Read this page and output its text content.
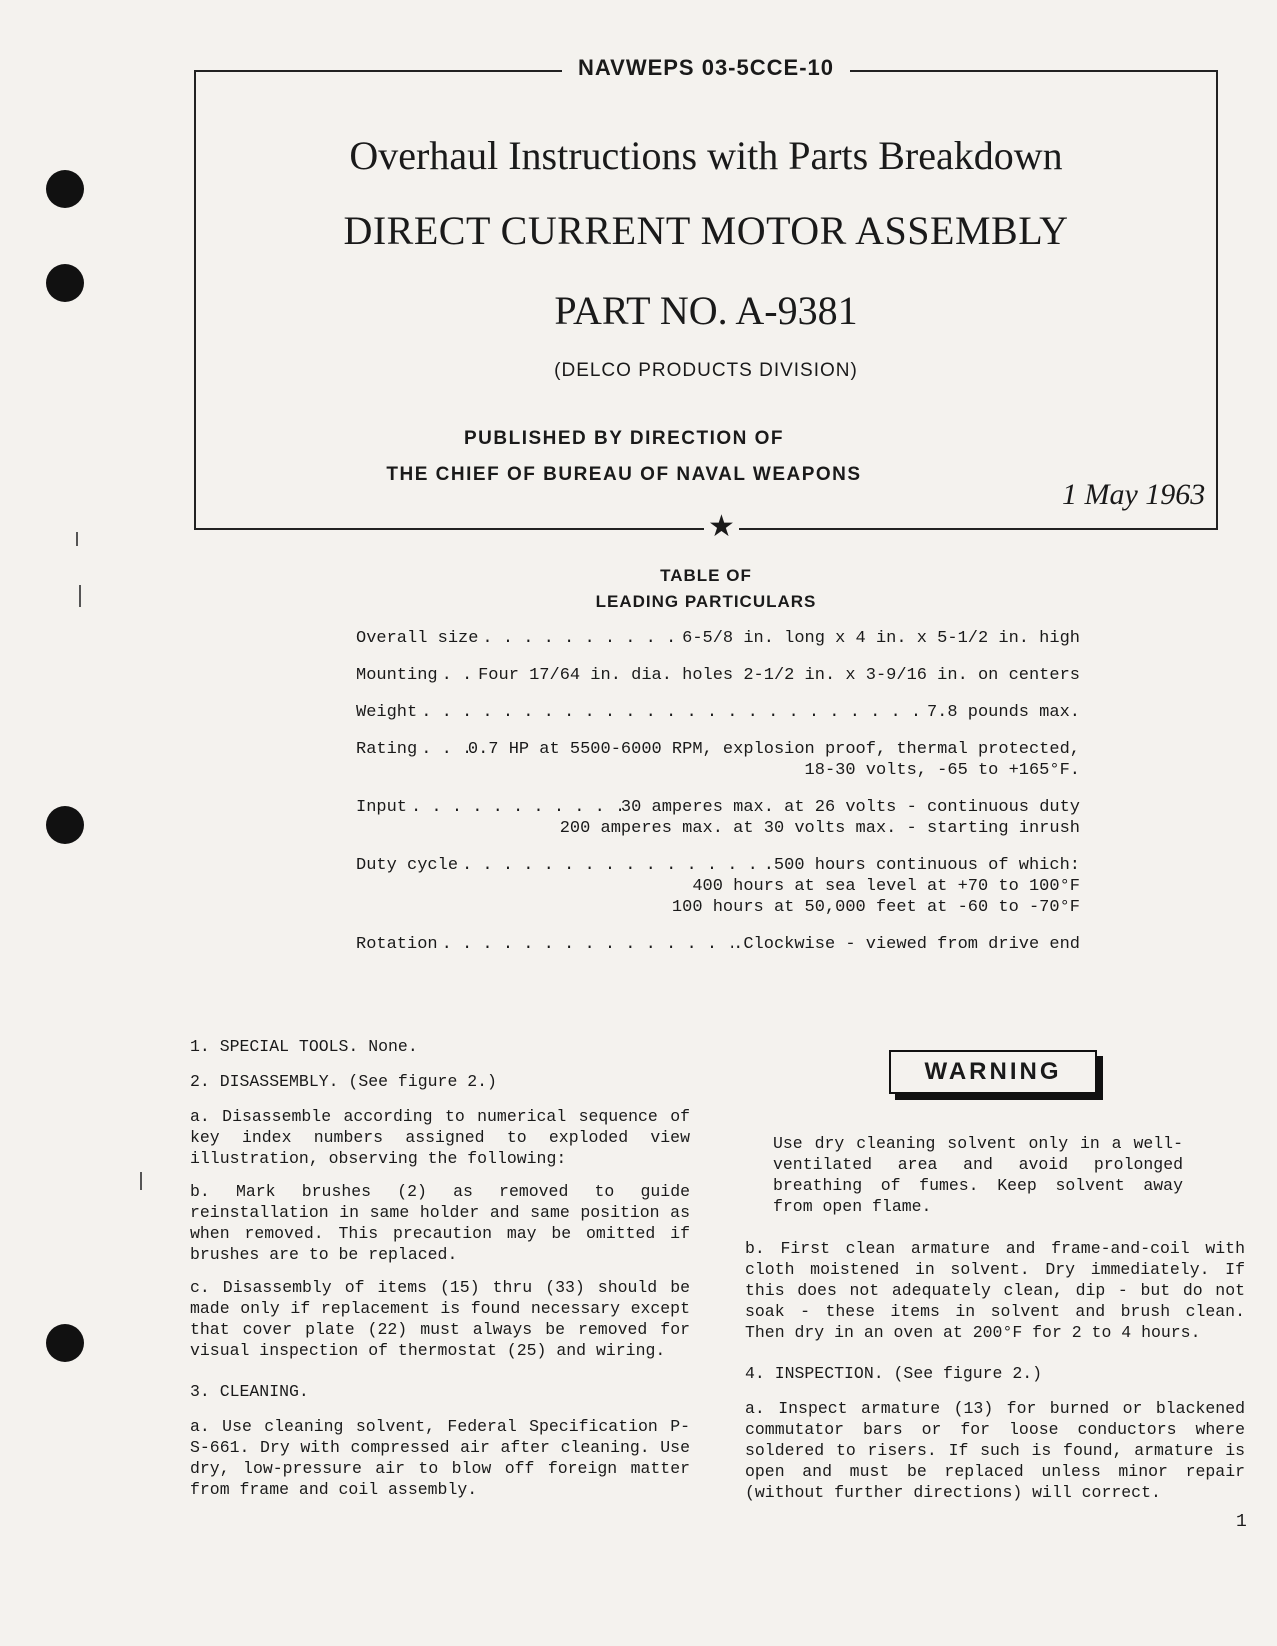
NAVWEPS 03-5CCE-10
Overhaul Instructions with Parts Breakdown
DIRECT CURRENT MOTOR ASSEMBLY
PART NO. A-9381
(DELCO PRODUCTS DIVISION)
PUBLISHED BY DIRECTION OF
THE CHIEF OF BUREAU OF NAVAL WEAPONS
1 May 1963
★
TABLE OF
LEADING PARTICULARS
Overall size . . .	6-5/8 in. long x 4 in. x 5-1/2 in. high
Mounting . . . Four 17/64 in. dia. holes 2-1/2 in. x 3-9/16 in. on centers
Weight . . .	7.8 pounds max.
Rating . . .	0.7 HP at 5500-6000 RPM, explosion proof, thermal protected,
18-30 volts, -65 to +165°F.
Input . . .	30 amperes max. at 26 volts - continuous duty
200 amperes max. at 30 volts max. - starting inrush
Duty cycle . . .	.500 hours continuous of which:
400 hours at sea level at +70 to 100°F
100 hours at 50,000 feet at -60 to -70°F
Rotation . . .	.Clockwise - viewed from drive end

1. SPECIAL TOOLS. None.

2. DISASSEMBLY. (See figure 2.)

a. Disassemble according to numerical sequence of key index numbers assigned to exploded view illustration, observing the following:

b. Mark brushes (2) as removed to guide reinstallation in same holder and same position as when removed. This precaution may be omitted if brushes are to be replaced.

c. Disassembly of items (15) thru (33) should be made only if replacement is found necessary except that cover plate (22) must always be removed for visual inspection of thermostat (25) and wiring.

3. CLEANING.

a. Use cleaning solvent, Federal Specification P-S-661. Dry with compressed air after cleaning. Use dry, low-pressure air to blow off foreign matter from frame and coil assembly.

WARNING
Use dry cleaning solvent only in a well-ventilated area and avoid prolonged breathing of fumes. Keep solvent away from open flame.

b. First clean armature and frame-and-coil with cloth moistened in solvent. Dry immediately. If this does not adequately clean, dip - but do not soak - these items in solvent and brush clean. Then dry in an oven at 200°F for 2 to 4 hours.

4. INSPECTION. (See figure 2.)

a. Inspect armature (13) for burned or blackened commutator bars or for loose conductors where soldered to risers. If such is found, armature is open and must be replaced unless minor repair (without further directions) will correct.

1
